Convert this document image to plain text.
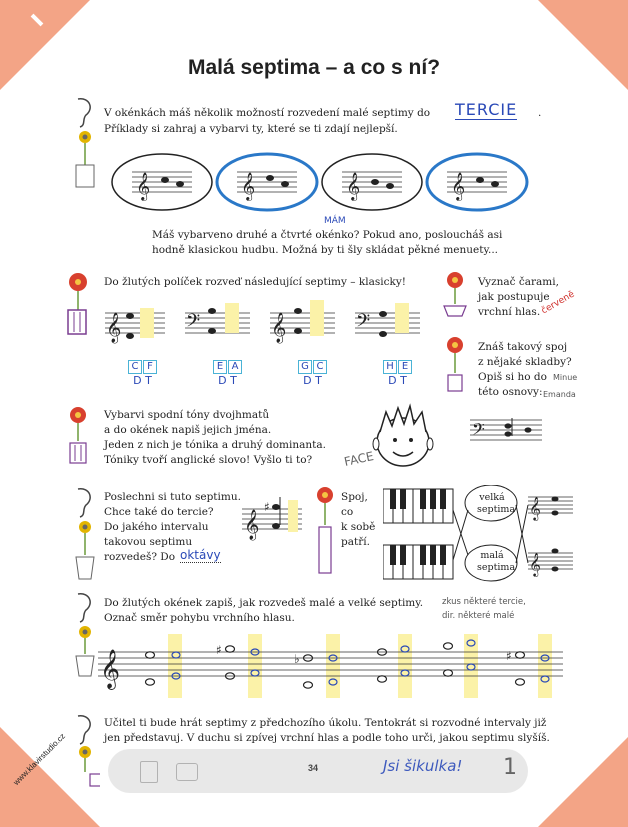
www.klavirstudio.cz
Malá septima – a co s ní?
V okénkách máš několik možností rozvedení malé septimy do TERCIE .
Příklady si zahraj a vybarvi ty, které se ti zdají nejlepší.
𝄞	𝄞	𝄞	𝄞
MÁM
Máš vybarveno druhé a čtvrté okénko? Pokud ano, posloucháš asi
hodně klasickou hudbu. Možná by ti šly skládat pěkné menuety...
Do žlutých políček rozveď následující septimy – klasicky!
𝄞	𝄢	𝄞	𝄢
C F
D T
E A
D T
G C
D T
H E
D T
Vyznač čarami,
jak postupuje
vrchní hlas. červeně
Znáš takový spoj
z nějaké skladby?
Opiš si ho do Minue
této osnovy: Emanda
𝄢
Vybarvi spodní tóny dvojhmatů
a do okének napiš jejich jména.
Jeden z nich je tónika a druhý dominanta.
Tóniky tvoří anglické slovo! Vyšlo ti to?	FACE
Poslechni si tuto septimu.
Chce také do tercie?
Do jakého intervalu
takovou septimu
rozvedeš? Do oktávy
𝄞
♯
Spoj,
co
k sobě
patří.
𝄞
𝄞
velká
septima
malá
septima
Do žlutých okének zapiš, jak rozvedeš malé a velké septimy.
Označ směr pohybu vrchního hlasu.
zkus některé tercie,
dir. některé malé
𝄞	♯
♭	♯
Učitel ti bude hrát septimy z předchozího úkolu. Tentokrát si rozvodné intervaly již
jen představuj. V duchu si zpívej vrchní hlas a podle toho urči, jakou septimu slyšíš.
34	Jsi šikulka! 1
